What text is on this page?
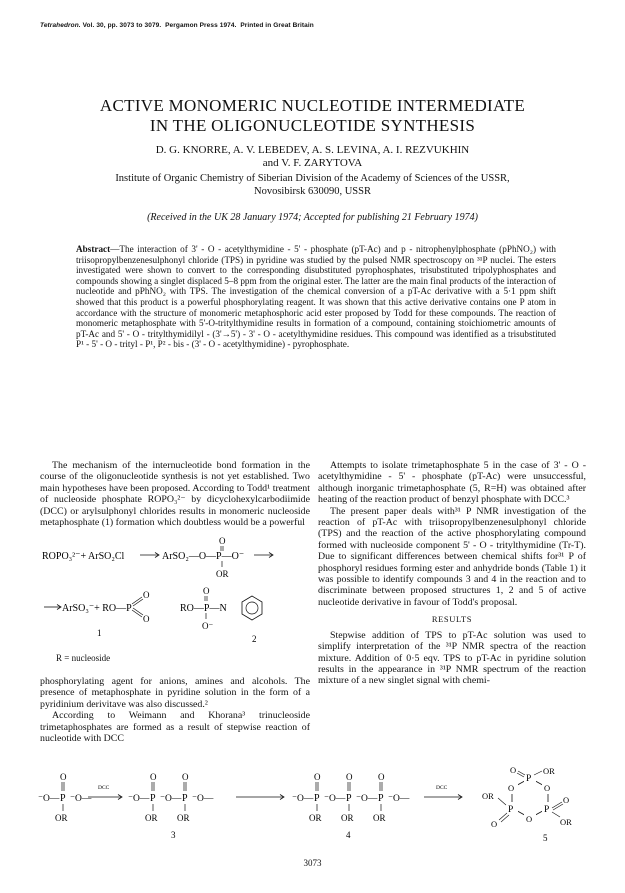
Tetrahedron. Vol. 30, pp. 3073 to 3079. Pergamon Press 1974. Printed in Great Britain
ACTIVE MONOMERIC NUCLEOTIDE INTERMEDIATE
IN THE OLIGONUCLEOTIDE SYNTHESIS
D. G. KNORRE, A. V. LEBEDEV, A. S. LEVINA, A. I. REZVUKHIN
and V. F. ZARYTOVA
Institute of Organic Chemistry of Siberian Division of the Academy of Sciences of the USSR,
Novosibirsk 630090, USSR
(Received in the UK 28 January 1974; Accepted for publishing 21 February 1974)
Abstract—The interaction of 3' - O - acetylthymidine - 5' - phosphate (pT-Ac) and p - nitrophenylphosphate (pPhNO₂) with triisopropylbenzenesulphonyl chloride (TPS) in pyridine was studied by the pulsed NMR spectroscopy on ³¹P nuclei. The esters investigated were shown to convert to the corresponding disubstituted pyrophosphates, trisubstituted tripolyphosphates and compounds showing a singlet displaced 5–8 ppm from the original ester. The latter are the main final products of the interaction of nucleotide and pPhNO₂ with TPS. The investigation of the chemical conversion of a pT-Ac derivative with a 5·1 ppm shift showed that this product is a powerful phosphorylating reagent. It was shown that this active derivative contains one P atom in accordance with the structure of monomeric metaphosphoric acid ester proposed by Todd for these compounds. The reaction of monomeric metaphosphate with 5'-O-tritylthymidine results in formation of a compound, containing stoichiometric amounts of pT-Ac and 5' - O - tritylthymidilyl - (3'→5') - 3' - O - acetylthymidine residues. This compound was identified as a trisubstituted P¹ - 5' - O - trityl - P¹, P² - bis - (3' - O - acetylthymidine) - pyrophosphate.

The mechanism of the internucleotide bond formation in the course of the oligonucleotide synthesis is not yet established. Two main hypotheses have been proposed. According to Todd¹ treatment of nucleoside phosphate ROPO₃²⁻ by dicyclohexylcarbodiimide (DCC) or arylsulphonyl chlorides results in monomeric nucleoside metaphosphate (1) formation which doubtless would be a powerful

ROPO₃²⁻+ ArSO₂Cl	ArSO₂—O—P—O⁻
O
OR
ArSO₃⁻+ RO—P
O
O
1
O
RO—P—N
O⁻
2

R = nucleoside

phosphorylating agent for anions, amines and alcohols. The presence of metaphosphate in pyridine solution in the form of a pyridinium derivitave was also discussed.²

According to Weimann and Khorana³ trinucleoside trimetaphosphates are formed as a result of stepwise reaction of nucleotide with DCC

Attempts to isolate trimetaphosphate 5 in the case of 3' - O - acetylthymidine - 5' - phosphate (pT-Ac) were unsuccessful, although inorganic trimetaphosphate (5, R=H) was obtained after heating of the reaction product of benzyl phosphate with DCC.³

The present paper deals with³¹ P NMR investigation of the reaction of pT-Ac with triisopropylbenzenesulphonyl chloride (TPS) and the reaction of the active phosphorylating compound formed with nucleoside component 5' - O - tritylthymidine (Tr-T). Due to significant differences between chemical shifts for³¹ P of phosphoryl residues forming ester and anhydride bonds (Table 1) it was possible to identify compounds 3 and 4 in the reaction and to discriminate between proposed structures 1, 2 and 5 of active nucleotide derivative in favour of Todd's proposal.

RESULTS

Stepwise addition of TPS to pT-Ac solution was used to simplify interpretation of the ³¹P NMR spectra of the reaction mixture. Addition of 0·5 eqv. TPS to pT-Ac in pyridine solution results in the appearance in ³¹P NMR spectrum of the reaction mixture of a new singlet signal with chemi-

⁻O— P ⁻O—
O
OR
DCC
⁻O— P ⁻O— P ⁻O—
O	O
OR OR
3
⁻O— P ⁻O— P ⁻O— P ⁻O—
O	O	O
OR OR OR
4
DCC
P
O
P
O
P
O
O	OR
O
OR
OR
O
5
3073
